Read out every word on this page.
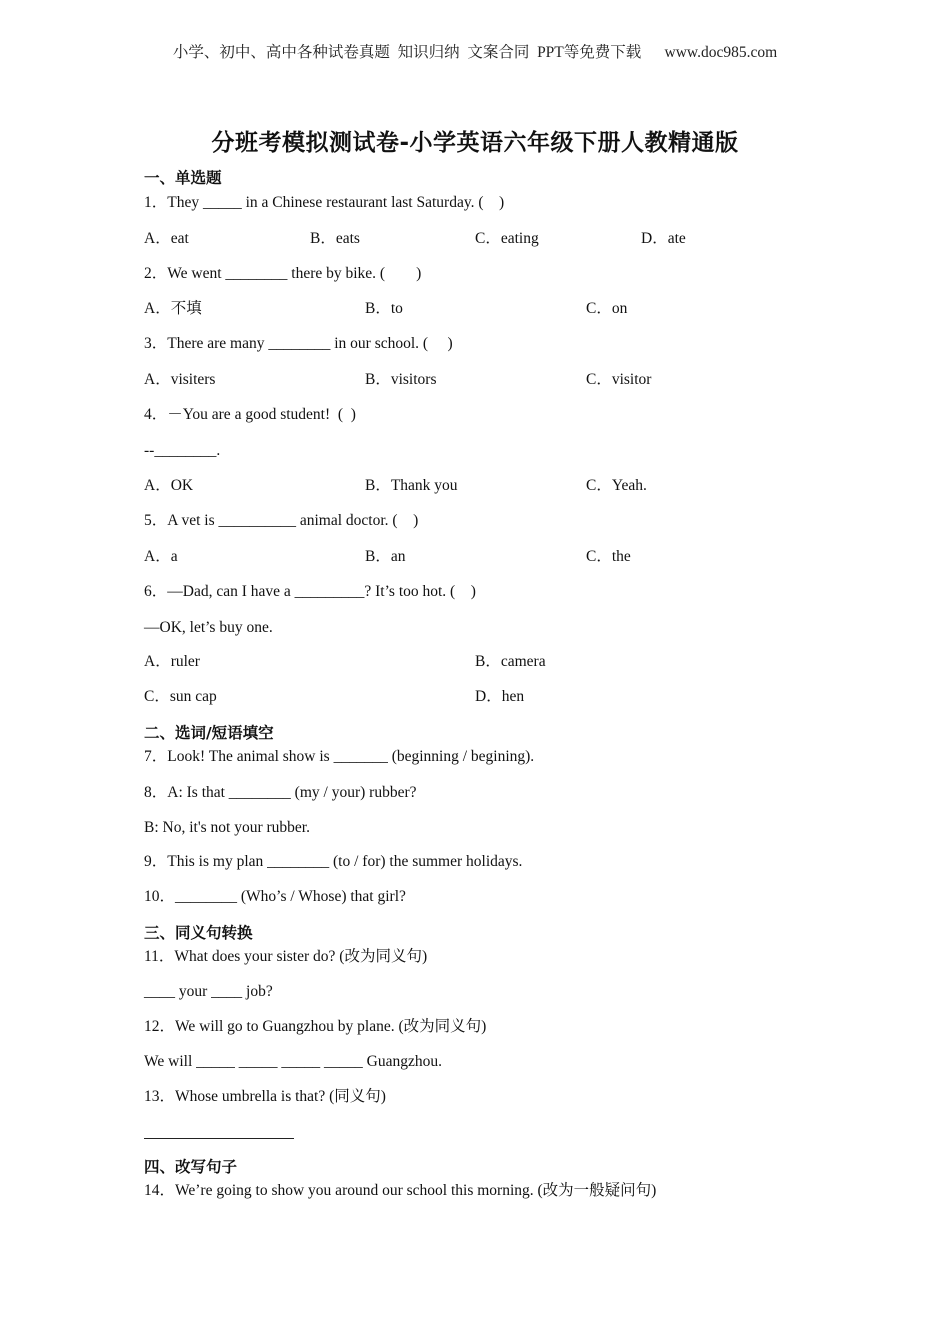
小学、初中、高中各种试卷真题  知识归纳  文案合同  PPT等免费下载      www.doc985.com
分班考模拟测试卷-小学英语六年级下册人教精通版
一、单选题
1．They _____ in a Chinese restaurant last Saturday. (    )
A．eat	B．eats	C．eating	D．ate
2．We went ________ there by bike. (        )
A．不填	B．to	C．on
3．There are many ________ in our school. (     )
A．visiters	B．visitors	C．visitor
4．－You are a good student!  (  )
--________.
A．OK	B．Thank you	C．Yeah.
5．A vet is __________ animal doctor. (    )
A．a	B．an	C．the
6．—Dad, can I have a _________? It’s too hot. (    )
—OK, let’s buy one.
A．ruler	B．camera
C．sun cap	D．hen
二、选词/短语填空
7．Look! The animal show is _______ (beginning / begining).
8．A: Is that ________ (my / your) rubber?
B: No, it's not your rubber.
9．This is my plan ________ (to / for) the summer holidays.
10．________ (Who’s / Whose) that girl?
三、同义句转换
11．What does your sister do? (改为同义句)
____ your ____ job?
12．We will go to Guangzhou by plane. (改为同义句)
We will _____ _____ _____ _____ Guangzhou.
13．Whose umbrella is that? (同义句)
四、改写句子
14．We’re going to show you around our school this morning. (改为一般疑问句)
